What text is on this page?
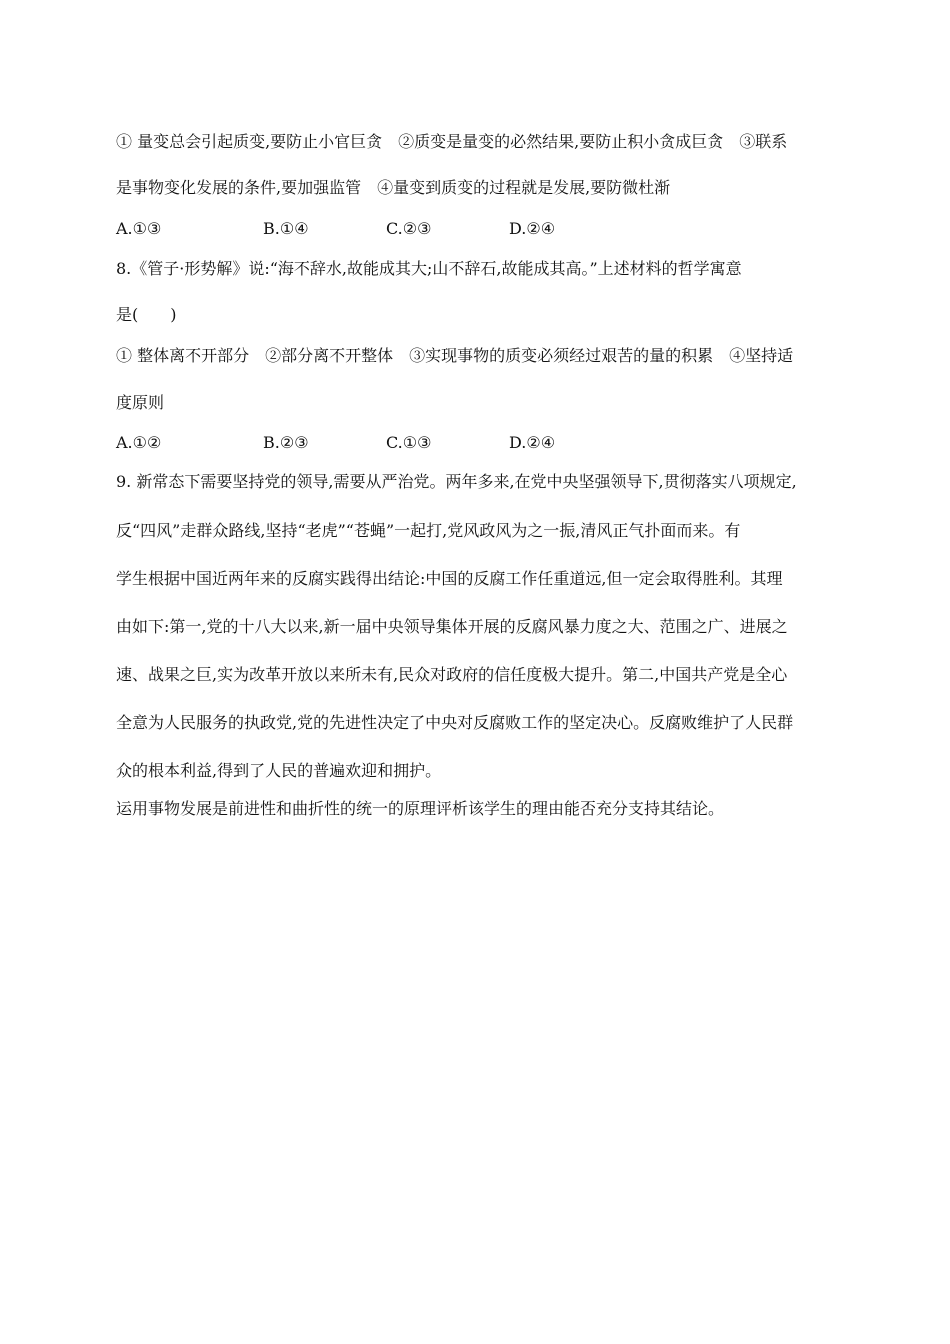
① 量变总会引起质变,要防止小官巨贪　②质变是量变的必然结果,要防止积小贪成巨贪　③联系
是事物变化发展的条件,要加强监管　④量变到质变的过程就是发展,要防微杜渐
A.①③	B.①④	C.②③	D.②④
8.《管子·形势解》说:“海不辞水,故能成其大;山不辞石,故能成其高。”上述材料的哲学寓意
是(　　)
① 整体离不开部分　②部分离不开整体　③实现事物的质变必须经过艰苦的量的积累　④坚持适
度原则
A.①②	B.②③	C.①③	D.②④
9. 新常态下需要坚持党的领导,需要从严治党。两年多来,在党中央坚强领导下,贯彻落实八项规定,
反“四风”走群众路线,坚持“老虎”“苍蝇”一起打,党风政风为之一振,清风正气扑面而来。有
学生根据中国近两年来的反腐实践得出结论:中国的反腐工作任重道远,但一定会取得胜利。其理
由如下:第一,党的十八大以来,新一届中央领导集体开展的反腐风暴力度之大、范围之广、进展之
速、战果之巨,实为改革开放以来所未有,民众对政府的信任度极大提升。第二,中国共产党是全心
全意为人民服务的执政党,党的先进性决定了中央对反腐败工作的坚定决心。反腐败维护了人民群
众的根本利益,得到了人民的普遍欢迎和拥护。
运用事物发展是前进性和曲折性的统一的原理评析该学生的理由能否充分支持其结论。
